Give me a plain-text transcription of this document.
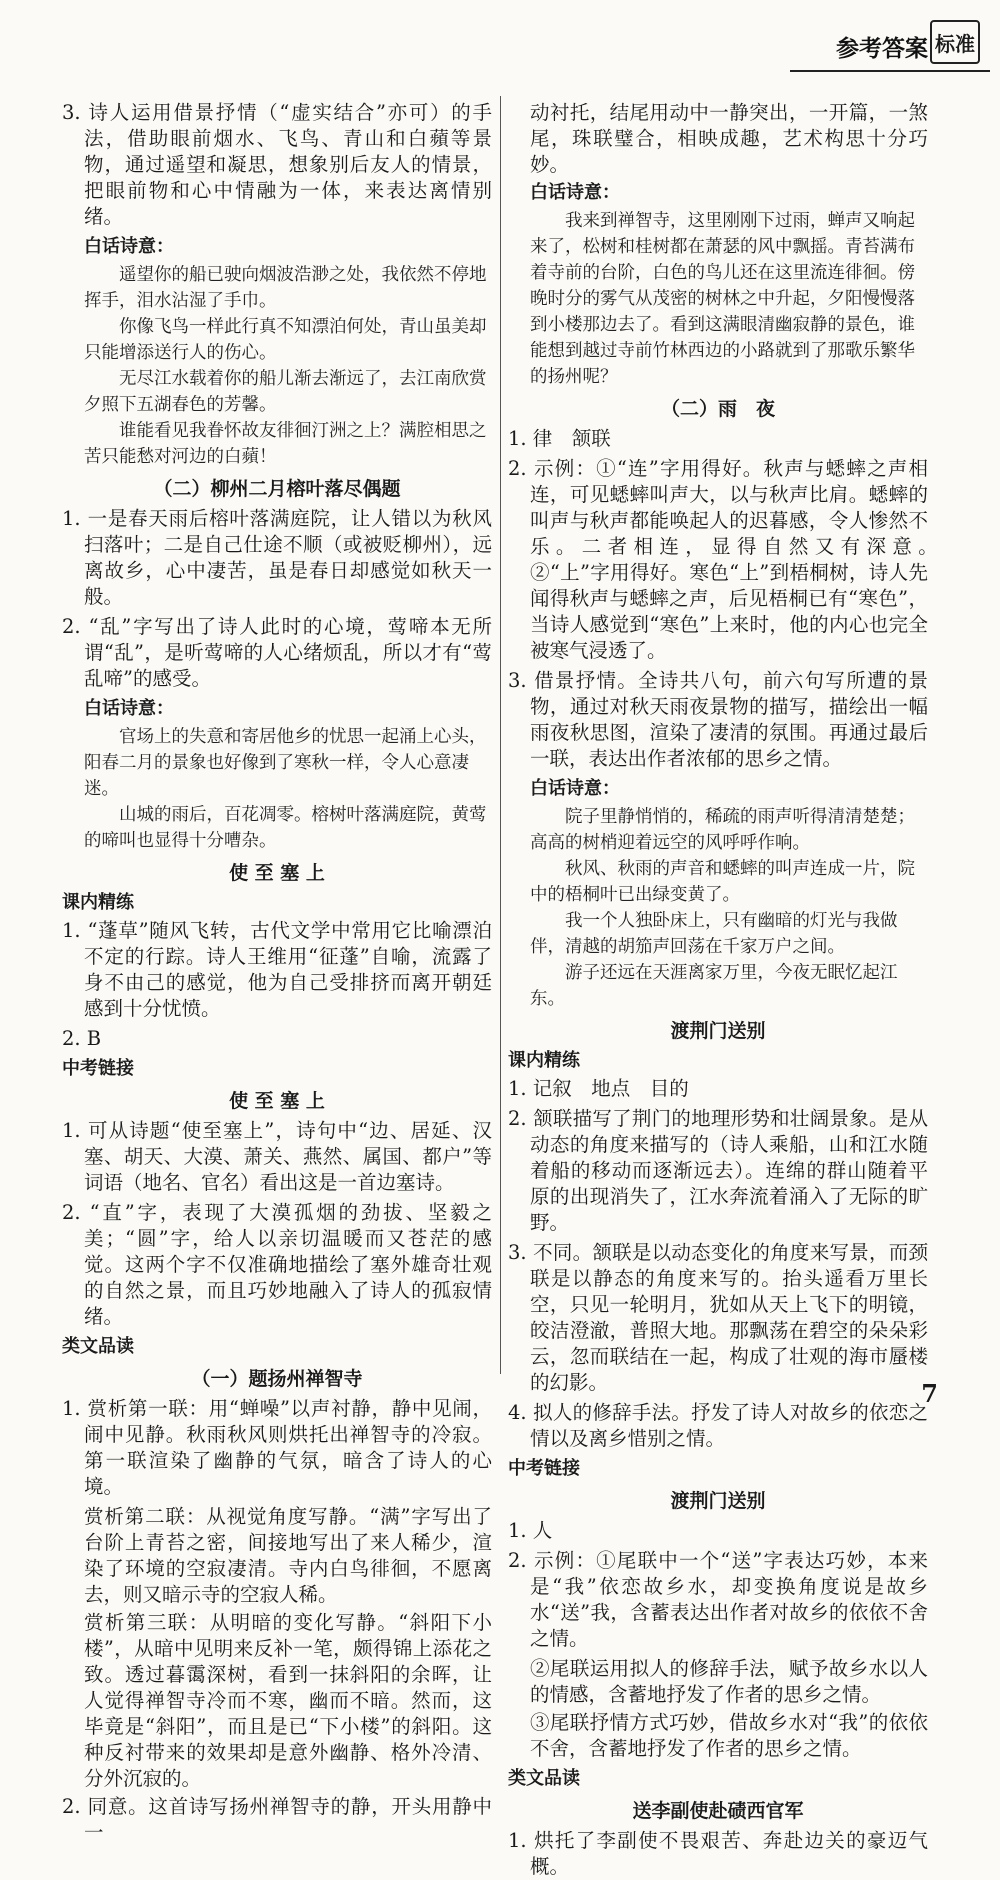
参考答案 标准

3. 诗人运用借景抒情（“虚实结合”亦可）的手法，借助眼前烟水、飞鸟、青山和白蘋等景物，通过遥望和凝思，想象别后友人的情景，把眼前物和心中情融为一体，来表达离情别绪。

白话诗意：

遥望你的船已驶向烟波浩渺之处，我依然不停地挥手，泪水沾湿了手巾。

你像飞鸟一样此行真不知漂泊何处，青山虽美却只能增添送行人的伤心。

无尽江水载着你的船儿渐去渐远了，去江南欣赏夕照下五湖春色的芳馨。

谁能看见我眷怀故友徘徊汀洲之上？满腔相思之苦只能愁对河边的白蘋！

（二）柳州二月榕叶落尽偶题

1. 一是春天雨后榕叶落满庭院，让人错以为秋风扫落叶；二是自己仕途不顺（或被贬柳州），远离故乡，心中凄苦，虽是春日却感觉如秋天一般。

2. “乱”字写出了诗人此时的心境，莺啼本无所谓“乱”，是听莺啼的人心绪烦乱，所以才有“莺乱啼”的感受。

白话诗意：

官场上的失意和寄居他乡的忧思一起涌上心头，阳春二月的景象也好像到了寒秋一样，令人心意凄迷。

山城的雨后，百花凋零。榕树叶落满庭院，黄莺的啼叫也显得十分嘈杂。

使 至 塞 上

课内精练

1. “蓬草”随风飞转，古代文学中常用它比喻漂泊不定的行踪。诗人王维用“征蓬”自喻，流露了身不由己的感觉，他为自己受排挤而离开朝廷感到十分忧愤。

2. B

中考链接

使 至 塞 上

1. 可从诗题“使至塞上”，诗句中“边、居延、汉塞、胡天、大漠、萧关、燕然、属国、都户”等词语（地名、官名）看出这是一首边塞诗。

2. “直”字，表现了大漠孤烟的劲拔、坚毅之美；“圆”字，给人以亲切温暖而又苍茫的感觉。这两个字不仅准确地描绘了塞外雄奇壮观的自然之景，而且巧妙地融入了诗人的孤寂情绪。

类文品读

（一）题扬州禅智寺

1. 赏析第一联：用“蝉噪”以声衬静，静中见闹，闹中见静。秋雨秋风则烘托出禅智寺的冷寂。第一联渲染了幽静的气氛，暗含了诗人的心境。

赏析第二联：从视觉角度写静。“满”字写出了台阶上青苔之密，间接地写出了来人稀少，渲染了环境的空寂凄清。寺内白鸟徘徊，不愿离去，则又暗示寺的空寂人稀。

赏析第三联：从明暗的变化写静。“斜阳下小楼”，从暗中见明来反补一笔，颇得锦上添花之致。透过暮霭深树，看到一抹斜阳的余晖，让人觉得禅智寺冷而不寒，幽而不暗。然而，这毕竟是“斜阳”，而且是已“下小楼”的斜阳。这种反衬带来的效果却是意外幽静、格外冷清、分外沉寂的。

2. 同意。这首诗写扬州禅智寺的静，开头用静中一

动衬托，结尾用动中一静突出，一开篇，一煞尾，珠联璧合，相映成趣，艺术构思十分巧妙。

白话诗意：

我来到禅智寺，这里刚刚下过雨，蝉声又响起来了，松树和桂树都在萧瑟的风中飘摇。青苔满布着寺前的台阶，白色的鸟儿还在这里流连徘徊。傍晚时分的雾气从茂密的树林之中升起，夕阳慢慢落到小楼那边去了。看到这满眼清幽寂静的景色，谁能想到越过寺前竹林西边的小路就到了那歌乐繁华的扬州呢？

（二）雨　夜

1. 律　颔联

2. 示例：①“连”字用得好。秋声与蟋蟀之声相连，可见蟋蟀叫声大，以与秋声比肩。蟋蟀的叫声与秋声都能唤起人的迟暮感，令人惨然不乐。二者相连，显得自然又有深意。　②“上”字用得好。寒色“上”到梧桐树，诗人先闻得秋声与蟋蟀之声，后见梧桐已有“寒色”，当诗人感觉到“寒色”上来时，他的内心也完全被寒气浸透了。

3. 借景抒情。全诗共八句，前六句写所遭的景物，通过对秋天雨夜景物的描写，描绘出一幅雨夜秋思图，渲染了凄清的氛围。再通过最后一联，表达出作者浓郁的思乡之情。

白话诗意：

院子里静悄悄的，稀疏的雨声听得清清楚楚；高高的树梢迎着远空的风呼呼作响。

秋风、秋雨的声音和蟋蟀的叫声连成一片，院中的梧桐叶已出绿变黄了。

我一个人独卧床上，只有幽暗的灯光与我做伴，清越的胡笳声回荡在千家万户之间。

游子还远在天涯离家万里，今夜无眠忆起江东。

渡荆门送别

课内精练

1. 记叙　地点　目的

2. 颔联描写了荆门的地理形势和壮阔景象。是从动态的角度来描写的（诗人乘船，山和江水随着船的移动而逐渐远去）。连绵的群山随着平原的出现消失了，江水奔流着涌入了无际的旷野。

3. 不同。颔联是以动态变化的角度来写景，而颈联是以静态的角度来写的。抬头遥看万里长空，只见一轮明月，犹如从天上飞下的明镜，皎洁澄澈，普照大地。那飘荡在碧空的朵朵彩云，忽而联结在一起，构成了壮观的海市蜃楼的幻影。

4. 拟人的修辞手法。抒发了诗人对故乡的依恋之情以及离乡惜别之情。

中考链接

渡荆门送别

1. 人

2. 示例：①尾联中一个“送”字表达巧妙，本来是“我”依恋故乡水，却变换角度说是故乡水“送”我，含蓄表达出作者对故乡的依依不舍之情。

②尾联运用拟人的修辞手法，赋予故乡水以人的情感，含蓄地抒发了作者的思乡之情。

③尾联抒情方式巧妙，借故乡水对“我”的依依不舍，含蓄地抒发了作者的思乡之情。

类文品读

送李副使赴碛西官军

1. 烘托了李副使不畏艰苦、奔赴边关的豪迈气概。

7
